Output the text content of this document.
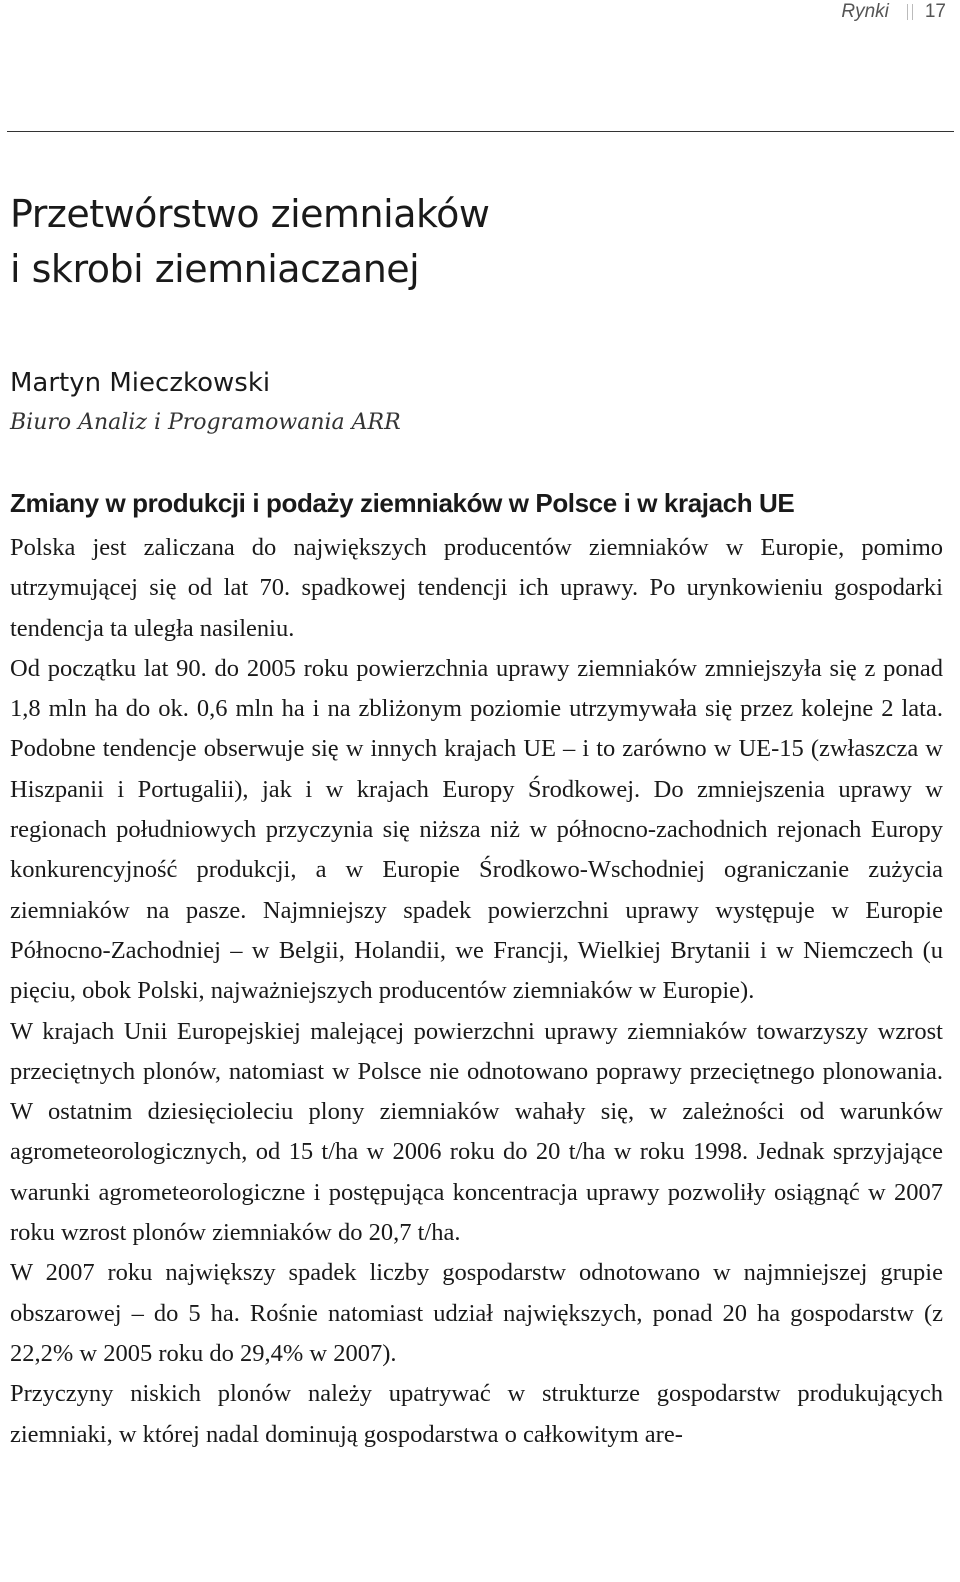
Rynki 17
Przetwórstwo ziemniaków
i skrobi ziemniaczanej
Martyn Mieczkowski
Biuro Analiz i Programowania ARR
Zmiany w produkcji i podaży ziemniaków w Polsce i w krajach UE

Polska jest zaliczana do największych producentów ziemniaków w Europie, pomimo utrzymującej się od lat 70. spadkowej tendencji ich uprawy. Po urynkowieniu gospodarki tendencja ta uległa nasileniu.

Od początku lat 90. do 2005 roku powierzchnia uprawy ziemniaków zmniejszyła się z ponad 1,8 mln ha do ok. 0,6 mln ha i na zbliżonym poziomie utrzymywała się przez kolejne 2 lata. Podobne tendencje obserwuje się w innych krajach UE – i to zarówno w UE-15 (zwłaszcza w Hiszpanii i Portugalii), jak i w krajach Europy Środkowej. Do zmniejszenia uprawy w regionach południowych przyczynia się niższa niż w północno-zachodnich rejonach Europy konkurencyjność produkcji, a w Europie Środkowo-Wschodniej ograniczanie zużycia ziemniaków na pasze. Najmniejszy spadek powierzchni uprawy występuje w Europie Północno-Zachodniej – w Belgii, Holandii, we Francji, Wielkiej Brytanii i w Niemczech (u pięciu, obok Polski, najważniejszych producentów ziemniaków w Europie).

W krajach Unii Europejskiej malejącej powierzchni uprawy ziemniaków towarzyszy wzrost przeciętnych plonów, natomiast w Polsce nie odnotowano poprawy przeciętnego plonowania. W ostatnim dziesięcioleciu plony ziemniaków wahały się, w zależności od warunków agrometeorologicznych, od 15 t/ha w 2006 roku do 20 t/ha w roku 1998. Jednak sprzyjające warunki agrometeorologiczne i postępująca koncentracja uprawy pozwoliły osiągnąć w 2007 roku wzrost plonów ziemniaków do 20,7 t/ha.

W 2007 roku największy spadek liczby gospodarstw odnotowano w najmniejszej grupie obszarowej – do 5 ha. Rośnie natomiast udział największych, ponad 20 ha gospodarstw (z 22,2% w 2005 roku do 29,4% w 2007).

Przyczyny niskich plonów należy upatrywać w strukturze gospodarstw produkujących ziemniaki, w której nadal dominują gospodarstwa o całkowitym are-
